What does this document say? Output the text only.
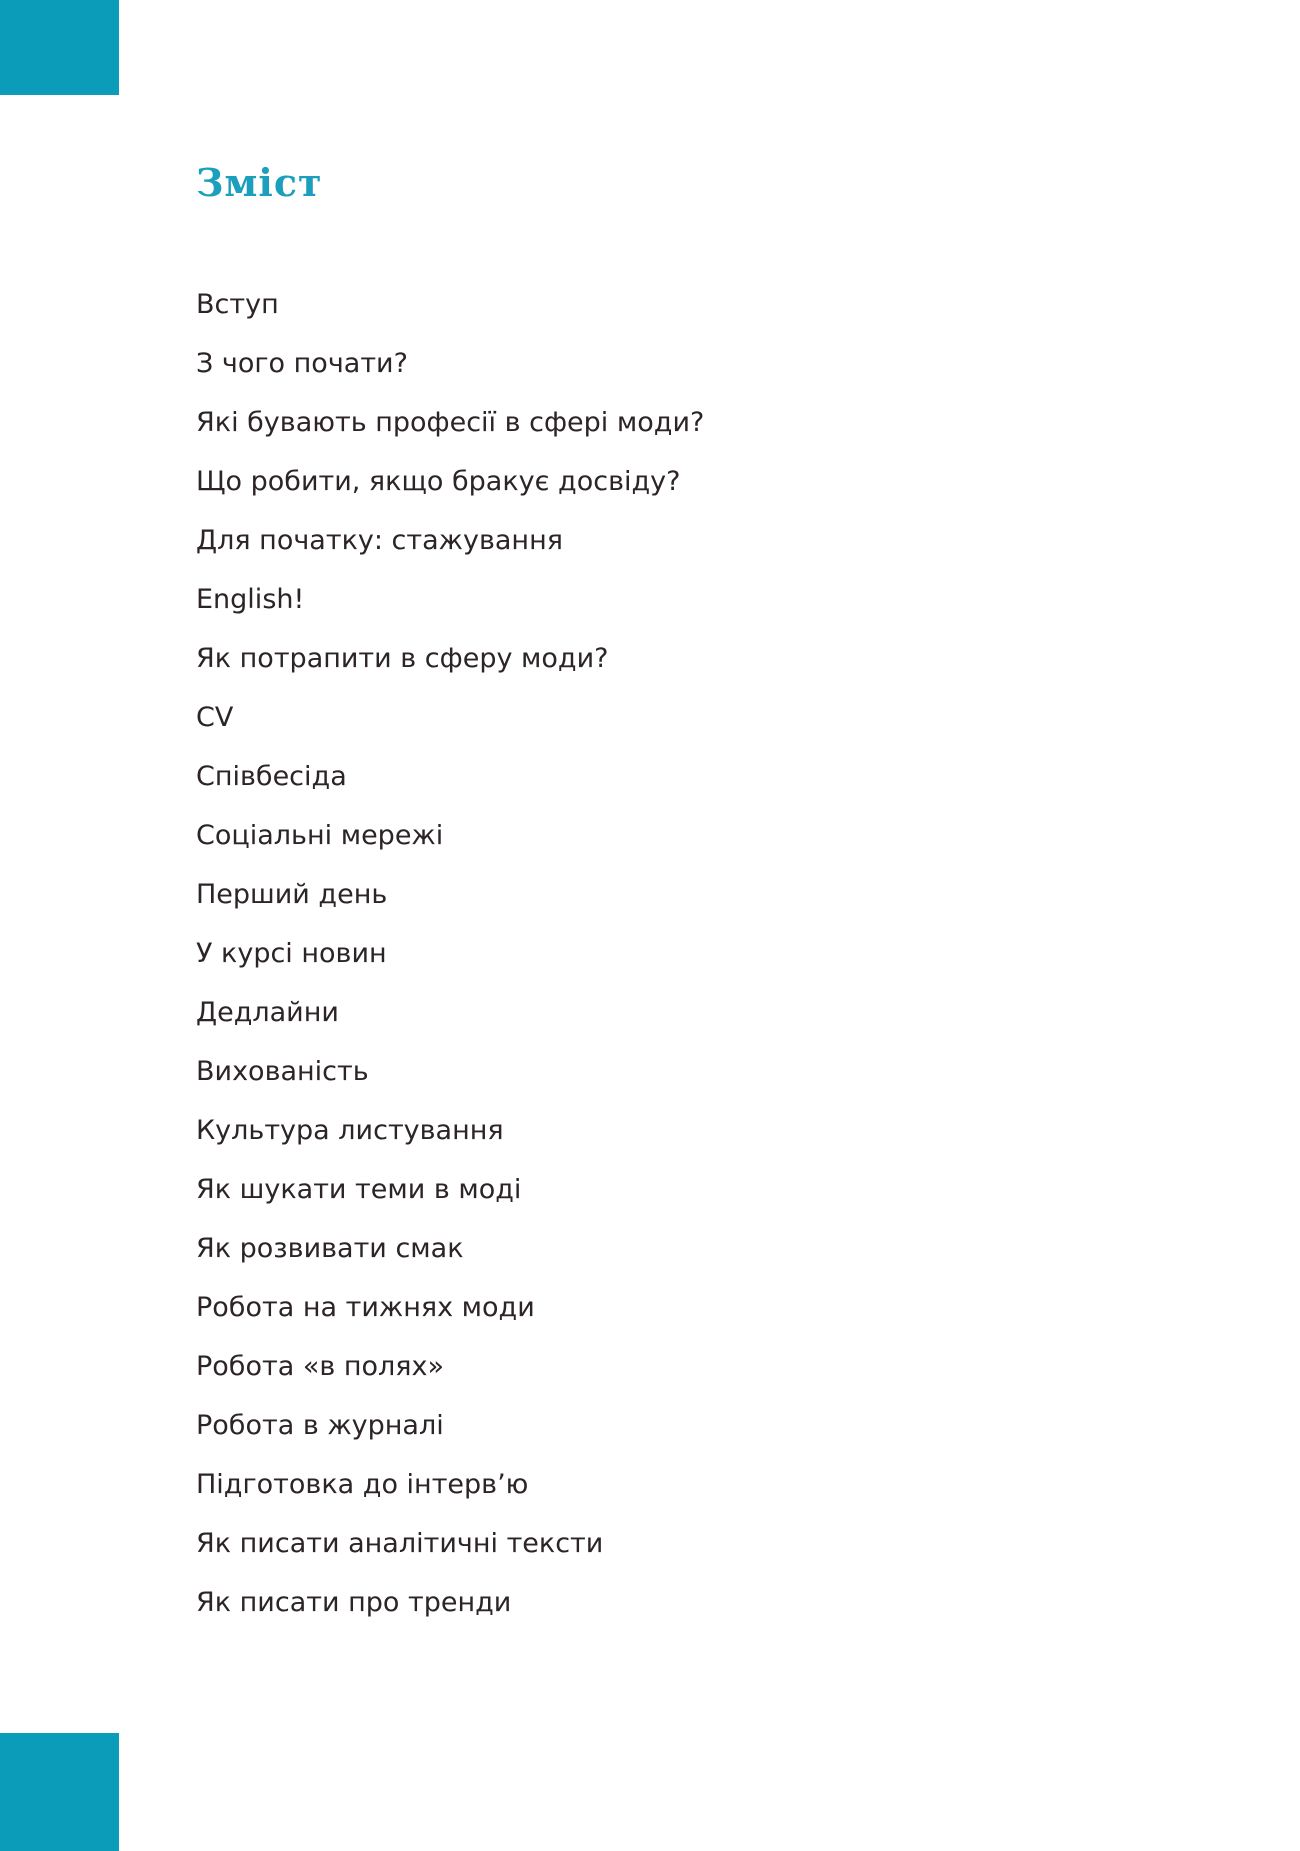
Зміст
Вступ
З чого почати?
Які бувають професії в сфері моди?
Що робити, якщо бракує досвіду?
Для початку: стажування
English!
Як потрапити в сферу моди?
CV
Співбесіда
Соціальні мережі
Перший день
У курсі новин
Дедлайни
Вихованість
Культура листування
Як шукати теми в моді
Як розвивати смак
Робота на тижнях моди
Робота «в полях»
Робота в журналі
Підготовка до інтерв’ю
Як писати аналітичні тексти
Як писати про тренди
